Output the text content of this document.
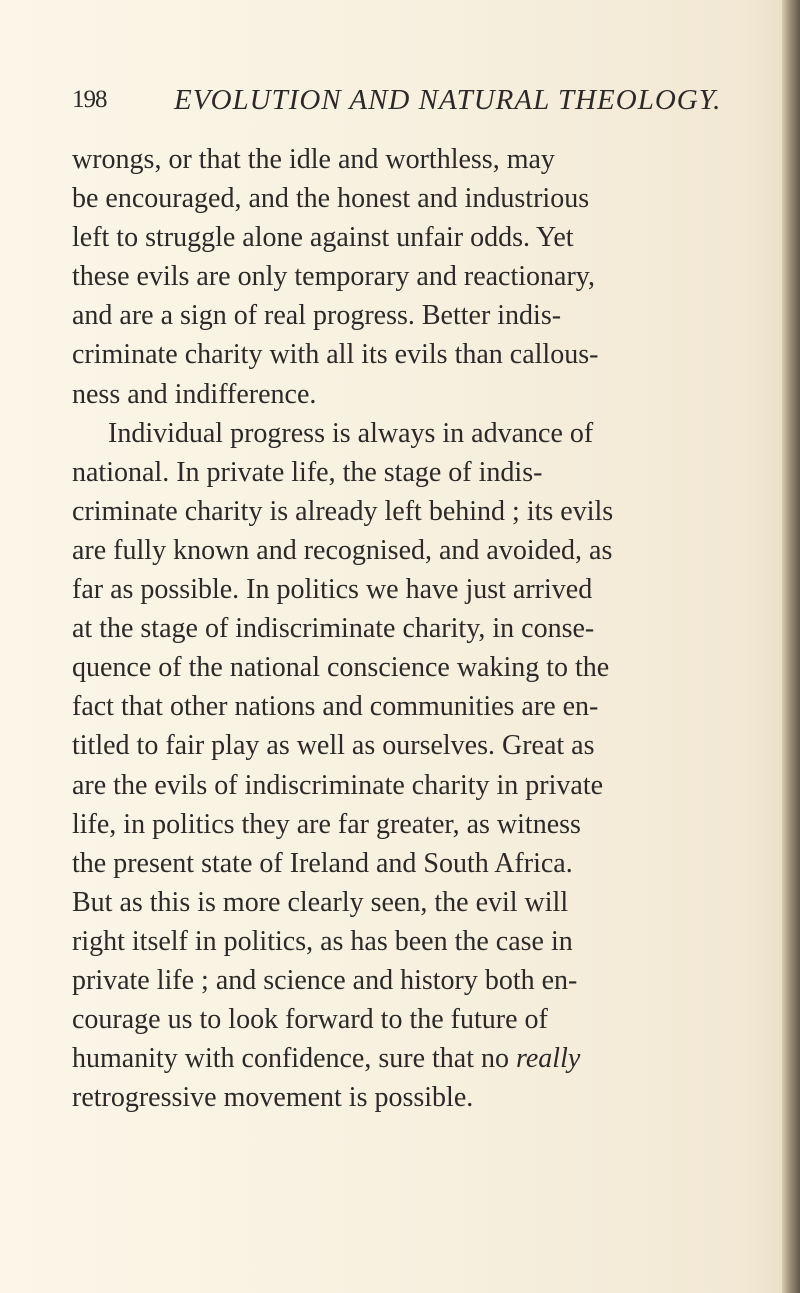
198 EVOLUTION AND NATURAL THEOLOGY.
wrongs, or that the idle and worthless, may
be encouraged, and the honest and industrious
left to struggle alone against unfair odds. Yet
these evils are only temporary and reactionary,
and are a sign of real progress. Better indis-
criminate charity with all its evils than callous-
ness and indifference.
Individual progress is always in advance of
national. In private life, the stage of indis-
criminate charity is already left behind ; its evils
are fully known and recognised, and avoided, as
far as possible. In politics we have just arrived
at the stage of indiscriminate charity, in conse-
quence of the national conscience waking to the
fact that other nations and communities are en-
titled to fair play as well as ourselves. Great as
are the evils of indiscriminate charity in private
life, in politics they are far greater, as witness
the present state of Ireland and South Africa.
But as this is more clearly seen, the evil will
right itself in politics, as has been the case in
private life ; and science and history both en-
courage us to look forward to the future of
humanity with confidence, sure that no really
retrogressive movement is possible.
